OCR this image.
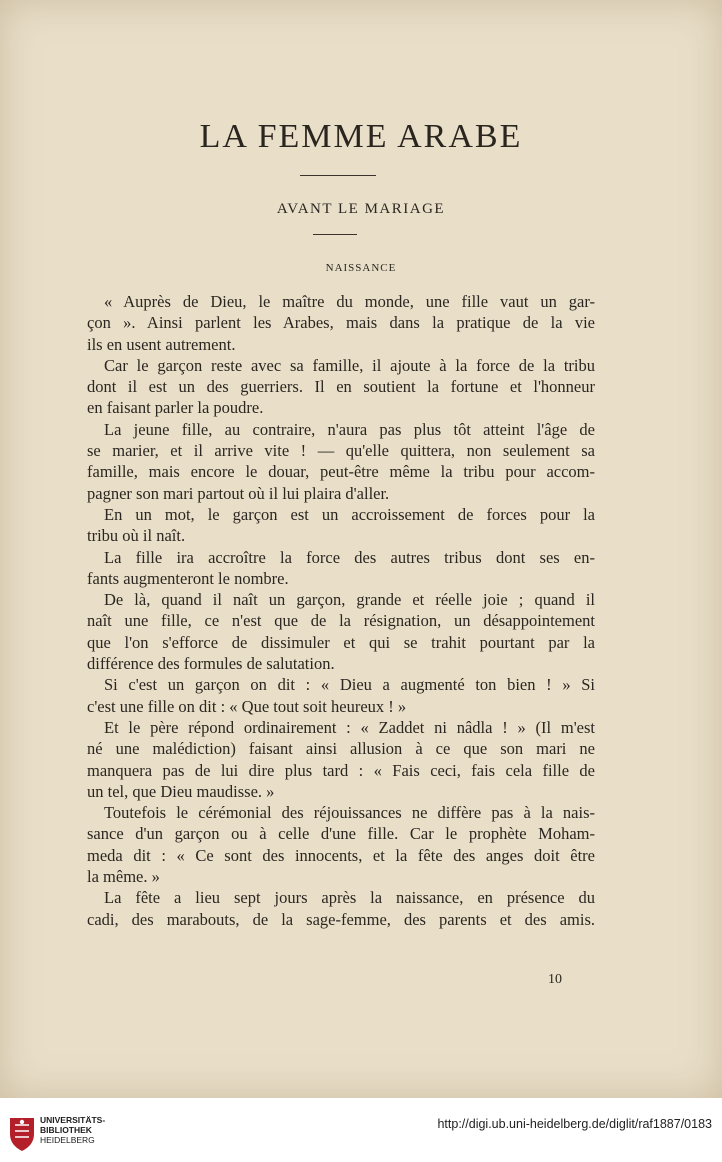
LA FEMME ARABE
AVANT LE MARIAGE
NAISSANCE
« Auprès de Dieu, le maître du monde, une fille vaut un gar-
çon ». Ainsi parlent les Arabes, mais dans la pratique de la vie
ils en usent autrement.
Car le garçon reste avec sa famille, il ajoute à la force de la tribu
dont il est un des guerriers. Il en soutient la fortune et l'honneur
en faisant parler la poudre.
La jeune fille, au contraire, n'aura pas plus tôt atteint l'âge de
se marier, et il arrive vite ! — qu'elle quittera, non seulement sa
famille, mais encore le douar, peut-être même la tribu pour accom-
pagner son mari partout où il lui plaira d'aller.
En un mot, le garçon est un accroissement de forces pour la
tribu où il naît.
La fille ira accroître la force des autres tribus dont ses en-
fants augmenteront le nombre.
De là, quand il naît un garçon, grande et réelle joie ; quand il
naît une fille, ce n'est que de la résignation, un désappointement
que l'on s'efforce de dissimuler et qui se trahit pourtant par la
différence des formules de salutation.
Si c'est un garçon on dit : « Dieu a augmenté ton bien ! » Si
c'est une fille on dit : « Que tout soit heureux ! »
Et le père répond ordinairement : « Zaddet ni nâdla ! » (Il m'est
né une malédiction) faisant ainsi allusion à ce que son mari ne
manquera pas de lui dire plus tard : « Fais ceci, fais cela fille de
un tel, que Dieu maudisse. »
Toutefois le cérémonial des réjouissances ne diffère pas à la nais-
sance d'un garçon ou à celle d'une fille. Car le prophète Moham-
meda dit : « Ce sont des innocents, et la fête des anges doit être
la même. »
La fête a lieu sept jours après la naissance, en présence du
cadi, des marabouts, de la sage-femme, des parents et des amis.
10
UNIVERSITÄTS-
BIBLIOTHEK
HEIDELBERG
http://digi.ub.uni-heidelberg.de/diglit/raf1887/0183
